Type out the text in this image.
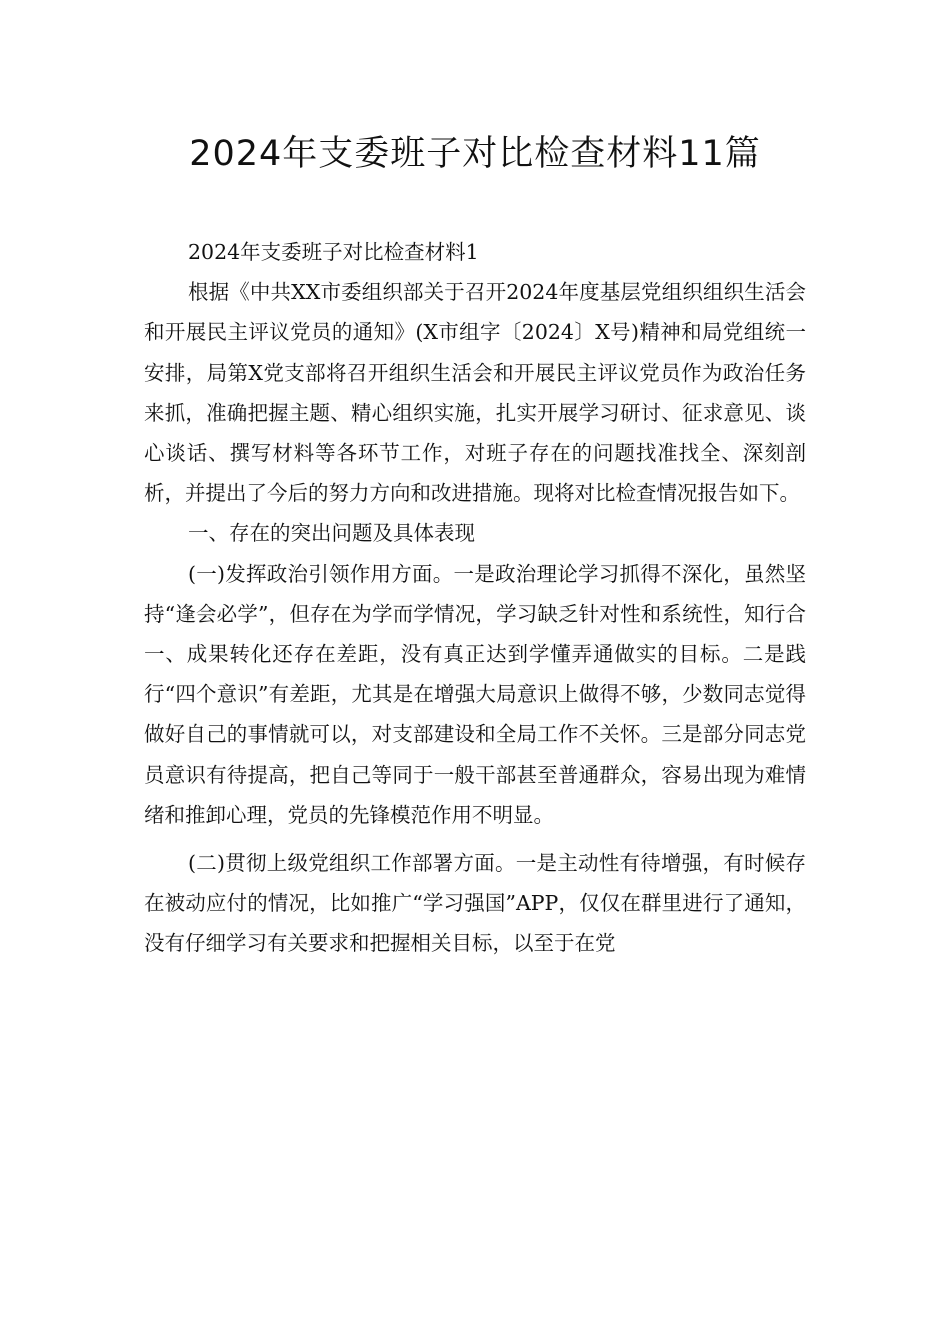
2024年支委班子对比检查材料11篇

2024年支委班子对比检查材料1

根据《中共XX市委组织部关于召开2024年度基层党组织组织生活会和开展民主评议党员的通知》(X市组字〔2024〕X号)精神和局党组统一安排，局第X党支部将召开组织生活会和开展民主评议党员作为政治任务来抓，准确把握主题、精心组织实施，扎实开展学习研讨、征求意见、谈心谈话、撰写材料等各环节工作，对班子存在的问题找准找全、深刻剖析，并提出了今后的努力方向和改进措施。现将对比检查情况报告如下。

一、存在的突出问题及具体表现

(一)发挥政治引领作用方面。一是政治理论学习抓得不深化，虽然坚持“逢会必学”，但存在为学而学情况，学习缺乏针对性和系统性，知行合一、成果转化还存在差距，没有真正达到学懂弄通做实的目标。二是践行“四个意识”有差距，尤其是在增强大局意识上做得不够，少数同志觉得做好自己的事情就可以，对支部建设和全局工作不关怀。三是部分同志党员意识有待提高，把自己等同于一般干部甚至普通群众，容易出现为难情绪和推卸心理，党员的先锋模范作用不明显。

(二)贯彻上级党组织工作部署方面。一是主动性有待增强，有时候存在被动应付的情况，比如推广“学习强国”APP，仅仅在群里进行了通知，没有仔细学习有关要求和把握相关目标，以至于在党
